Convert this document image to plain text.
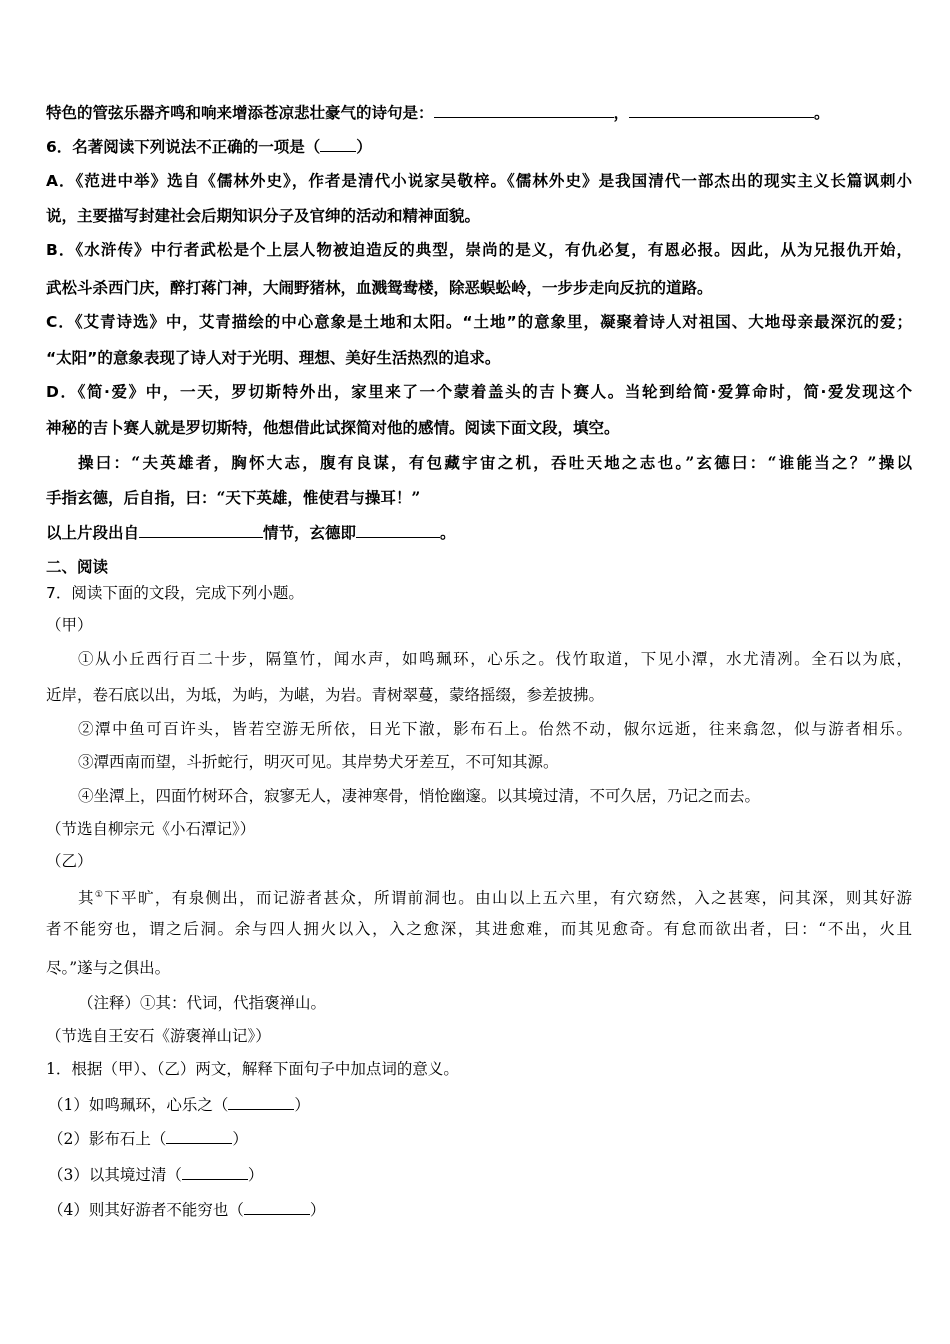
特色的管弦乐器齐鸣和响来增添苍凉悲壮豪气的诗句是：	，	。
6．名著阅读下列说法不正确的一项是（ ）
A．《范进中举》选自《儒林外史》，作者是清代小说家吴敬梓。《儒林外史》是我国清代一部杰出的现实主义长篇讽刺小
说，主要描写封建社会后期知识分子及官绅的活动和精神面貌。
B．《水浒传》中行者武松是个上层人物被迫造反的典型，崇尚的是义，有仇必复，有恩必报。因此，从为兄报仇开始，
武松斗杀西门庆，醉打蒋门神，大闹野猪林，血溅鸳鸯楼，除恶蜈蚣岭，一步步走向反抗的道路。
C．《艾青诗选》中，艾青描绘的中心意象是土地和太阳。“土地”的意象里，凝聚着诗人对祖国、大地母亲最深沉的爱；
“太阳”的意象表现了诗人对于光明、理想、美好生活热烈的追求。
D．《简·爱》中，一天，罗切斯特外出，家里来了一个蒙着盖头的吉卜赛人。当轮到给简·爱算命时，简·爱发现这个
神秘的吉卜赛人就是罗切斯特，他想借此试探简对他的感情。阅读下面文段，填空。
操曰：“夫英雄者，胸怀大志，腹有良谋，有包藏宇宙之机，吞吐天地之志也。”玄德曰：“谁能当之？”操以
手指玄德，后自指，曰：“天下英雄，惟使君与操耳！”
以上片段出自	情节，玄德即	。
二、阅读
7．阅读下面的文段，完成下列小题。
（甲）
①从小丘西行百二十步，隔篁竹，闻水声，如鸣珮环，心乐之。伐竹取道，下见小潭，水尤清冽。全石以为底，
近岸，卷石底以出，为坻，为屿，为嵁，为岩。青树翠蔓，蒙络摇缀，参差披拂。
②潭中鱼可百许头，皆若空游无所依，日光下澈，影布石上。佁然不动，俶尔远逝，往来翕忽，似与游者相乐。
③潭西南而望，斗折蛇行，明灭可见。其岸势犬牙差互，不可知其源。
④坐潭上，四面竹树环合，寂寥无人，凄神寒骨，悄怆幽邃。以其境过清，不可久居，乃记之而去。
（节选自柳宗元《小石潭记》）
（乙）
其①下平旷，有泉侧出，而记游者甚众，所谓前洞也。由山以上五六里，有穴窈然，入之甚寒，问其深，则其好游
者不能穷也，谓之后洞。余与四人拥火以入，入之愈深，其进愈难，而其见愈奇。有怠而欲出者，曰：“不出，火且
尽。”遂与之俱出。
（注释）①其：代词，代指褒禅山。
（节选自王安石《游褒禅山记》）
1．根据（甲）、（乙）两文，解释下面句子中加点词的意义。
（1）如鸣珮环，心乐之（	）
（2）影布石上（	）
（3）以其境过清（	）
（4）则其好游者不能穷也（	）
